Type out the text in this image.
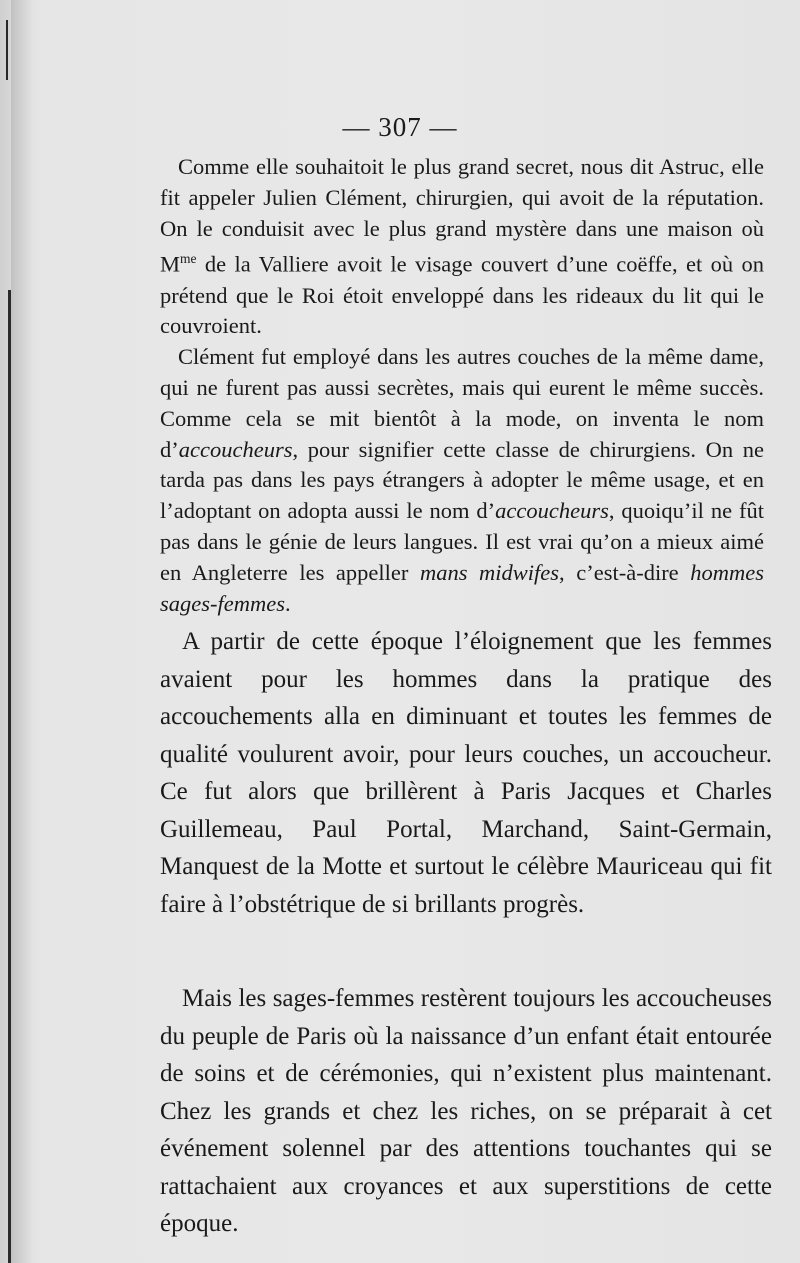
— 307 —

Comme elle souhaitoit le plus grand secret, nous dit Astruc, elle fit appeler Julien Clément, chirurgien, qui avoit de la réputation. On le conduisit avec le plus grand mystère dans une maison où $M^{me}$ de la Valliere avoit le visage couvert d’une coëffe, et où on prétend que le Roi étoit enveloppé dans les rideaux du lit qui le couvroient.

Clément fut employé dans les autres couches de la même dame, qui ne furent pas aussi secrètes, mais qui eurent le même succès. Comme cela se mit bientôt à la mode, on inventa le nom d’accoucheurs, pour signifier cette classe de chirurgiens. On ne tarda pas dans les pays étrangers à adopter le même usage, et en l’adoptant on adopta aussi le nom d’accoucheurs, quoiqu’il ne fût pas dans le génie de leurs langues. Il est vrai qu’on a mieux aimé en Angleterre les appeller mans midwifes, c’est-à-dire hommes sages-femmes.

A partir de cette époque l’éloignement que les femmes avaient pour les hommes dans la pratique des accouchements alla en diminuant et toutes les femmes de qualité voulurent avoir, pour leurs couches, un accoucheur. Ce fut alors que brillèrent à Paris Jacques et Charles Guillemeau, Paul Portal, Marchand, Saint-Germain, Manquest de la Motte et surtout le célèbre Mauriceau qui fit faire à l’obstétrique de si brillants progrès.

Mais les sages-femmes restèrent toujours les accoucheuses du peuple de Paris où la naissance d’un enfant était entourée de soins et de cérémonies, qui n’existent plus maintenant. Chez les grands et chez les riches, on se préparait à cet événement solennel par des attentions touchantes qui se rattachaient aux croyances et aux superstitions de cette époque.
